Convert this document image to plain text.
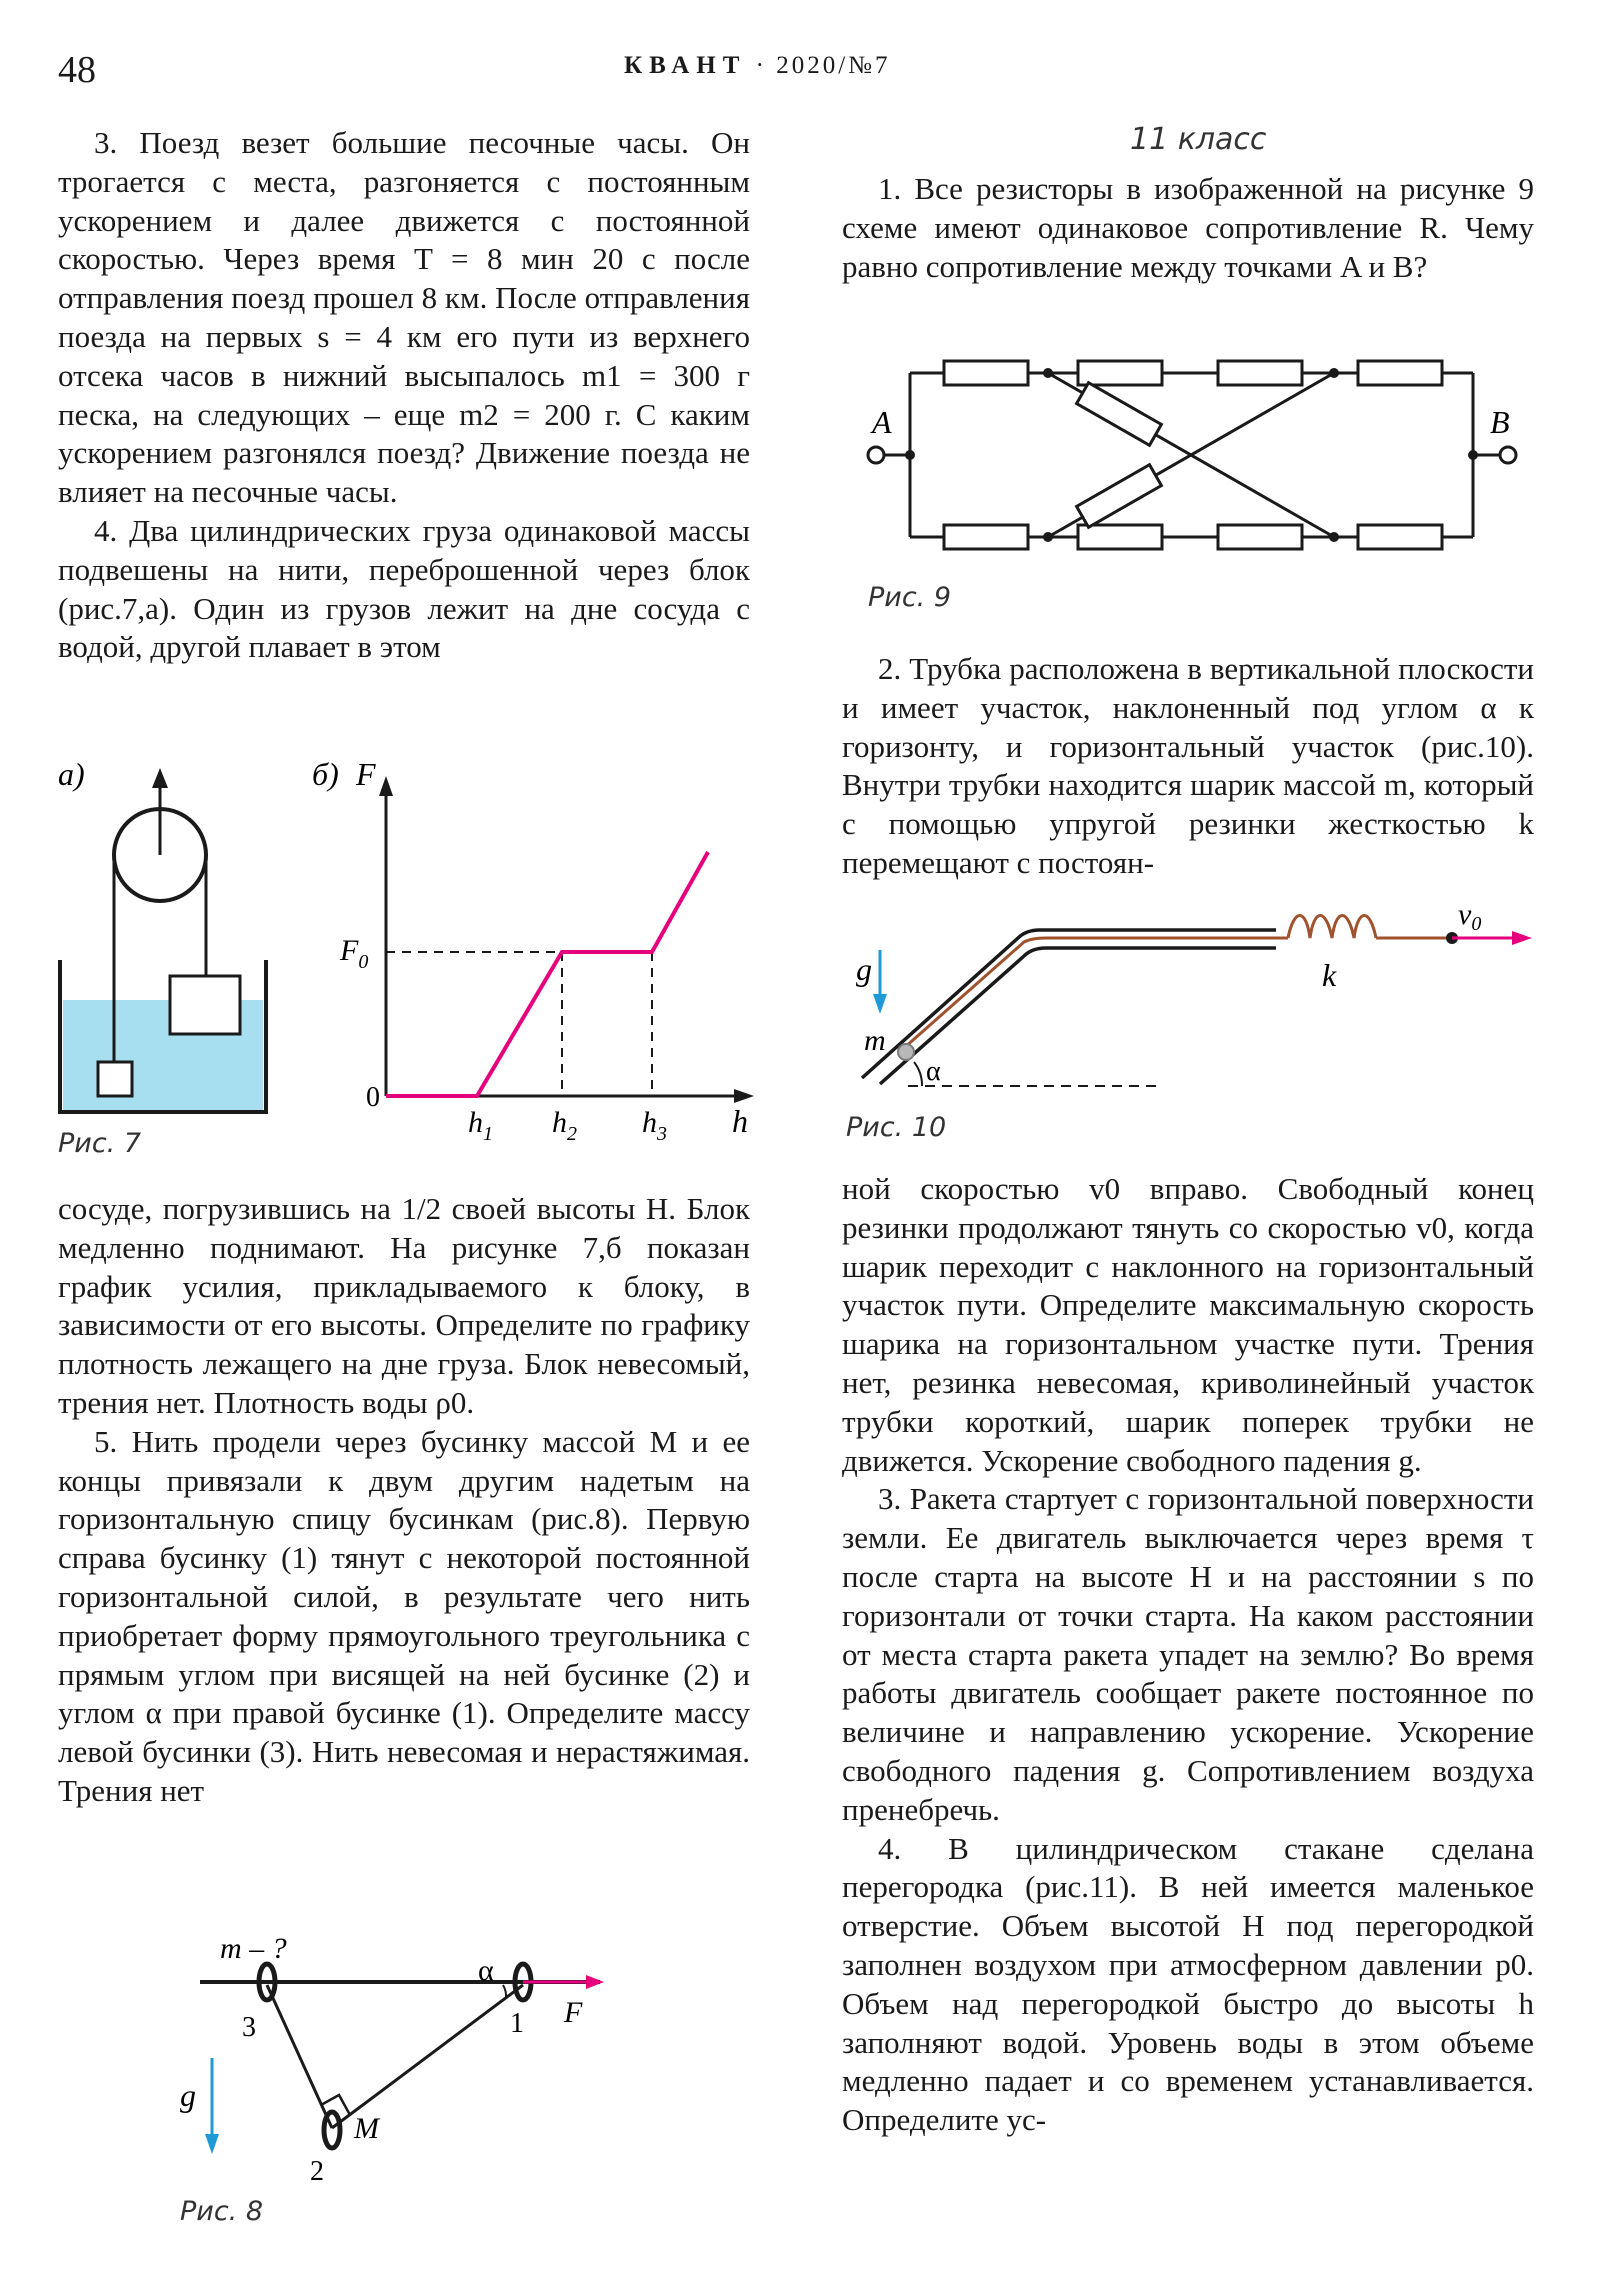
48	КВАНТ · 2020/№7

3. Поезд везет большие песочные часы. Он трогается с места, разгоняется с постоянным ускорением и далее движется с постоянной скоростью. Через время T = 8 мин 20 с после отправления поезд прошел 8 км. После отправления поезда на первых s = 4 км его пути из верхнего отсека часов в нижний высыпалось m1 = 300 г песка, на следующих – еще m2 = 200 г. С каким ускорением разгонялся поезд? Движение поезда не влияет на песочные часы.

4. Два цилиндрических груза одинаковой массы подвешены на нити, переброшенной через блок (рис.7,а). Один из грузов лежит на дне сосуда с водой, другой плавает в этом

а)	б) F
0
$F_0$
$h_1$ $h_2$ $h_3$ h
Рис. 7

сосуде, погрузившись на 1/2 своей высоты H. Блок медленно поднимают. На рисунке 7,б показан график усилия, прикладываемого к блоку, в зависимости от его высоты. Определите по графику плотность лежащего на дне груза. Блок невесомый, трения нет. Плотность воды ρ0.

5. Нить продели через бусинку массой M и ее концы привязали к двум другим надетым на горизонтальную спицу бусинкам (рис.8). Первую справа бусинку (1) тянут с некоторой постоянной горизонтальной силой, в результате чего нить приобретает форму прямоугольного треугольника с прямым углом при висящей на ней бусинке (2) и углом α при правой бусинке (1). Определите массу левой бусинки (3). Нить невесомая и нерастяжимая. Трения нет

m – ?
α
F
1
3
2
M
g
Рис. 8
11 класс

1. Все резисторы в изображенной на рисунке 9 схеме имеют одинаковое сопротивление R. Чему равно сопротивление между точками A и B?

A	B
Рис. 9

2. Трубка расположена в вертикальной плоскости и имеет участок, наклоненный под углом α к горизонту, и горизонтальный участок (рис.10). Внутри трубки находится шарик массой m, который с помощью упругой резинки жесткостью k перемещают с постоян-

g
α
$v_0$
k
m
Рис. 10

ной скоростью v0 вправо. Свободный конец резинки продолжают тянуть со скоростью v0, когда шарик переходит с наклонного на горизонтальный участок пути. Определите максимальную скорость шарика на горизонтальном участке пути. Трения нет, резинка невесомая, криволинейный участок трубки короткий, шарик поперек трубки не движется. Ускорение свободного падения g.

3. Ракета стартует с горизонтальной поверхности земли. Ее двигатель выключается через время τ после старта на высоте H и на расстоянии s по горизонтали от точки старта. На каком расстоянии от места старта ракета упадет на землю? Во время работы двигатель сообщает ракете постоянное по величине и направлению ускорение. Ускорение свободного падения g. Сопротивлением воздуха пренебречь.

4. В цилиндрическом стакане сделана перегородка (рис.11). В ней имеется маленькое отверстие. Объем высотой H под перегородкой заполнен воздухом при атмосферном давлении p0. Объем над перегородкой быстро до высоты h заполняют водой. Уровень воды в этом объеме медленно падает и со временем устанавливается. Определите ус-
